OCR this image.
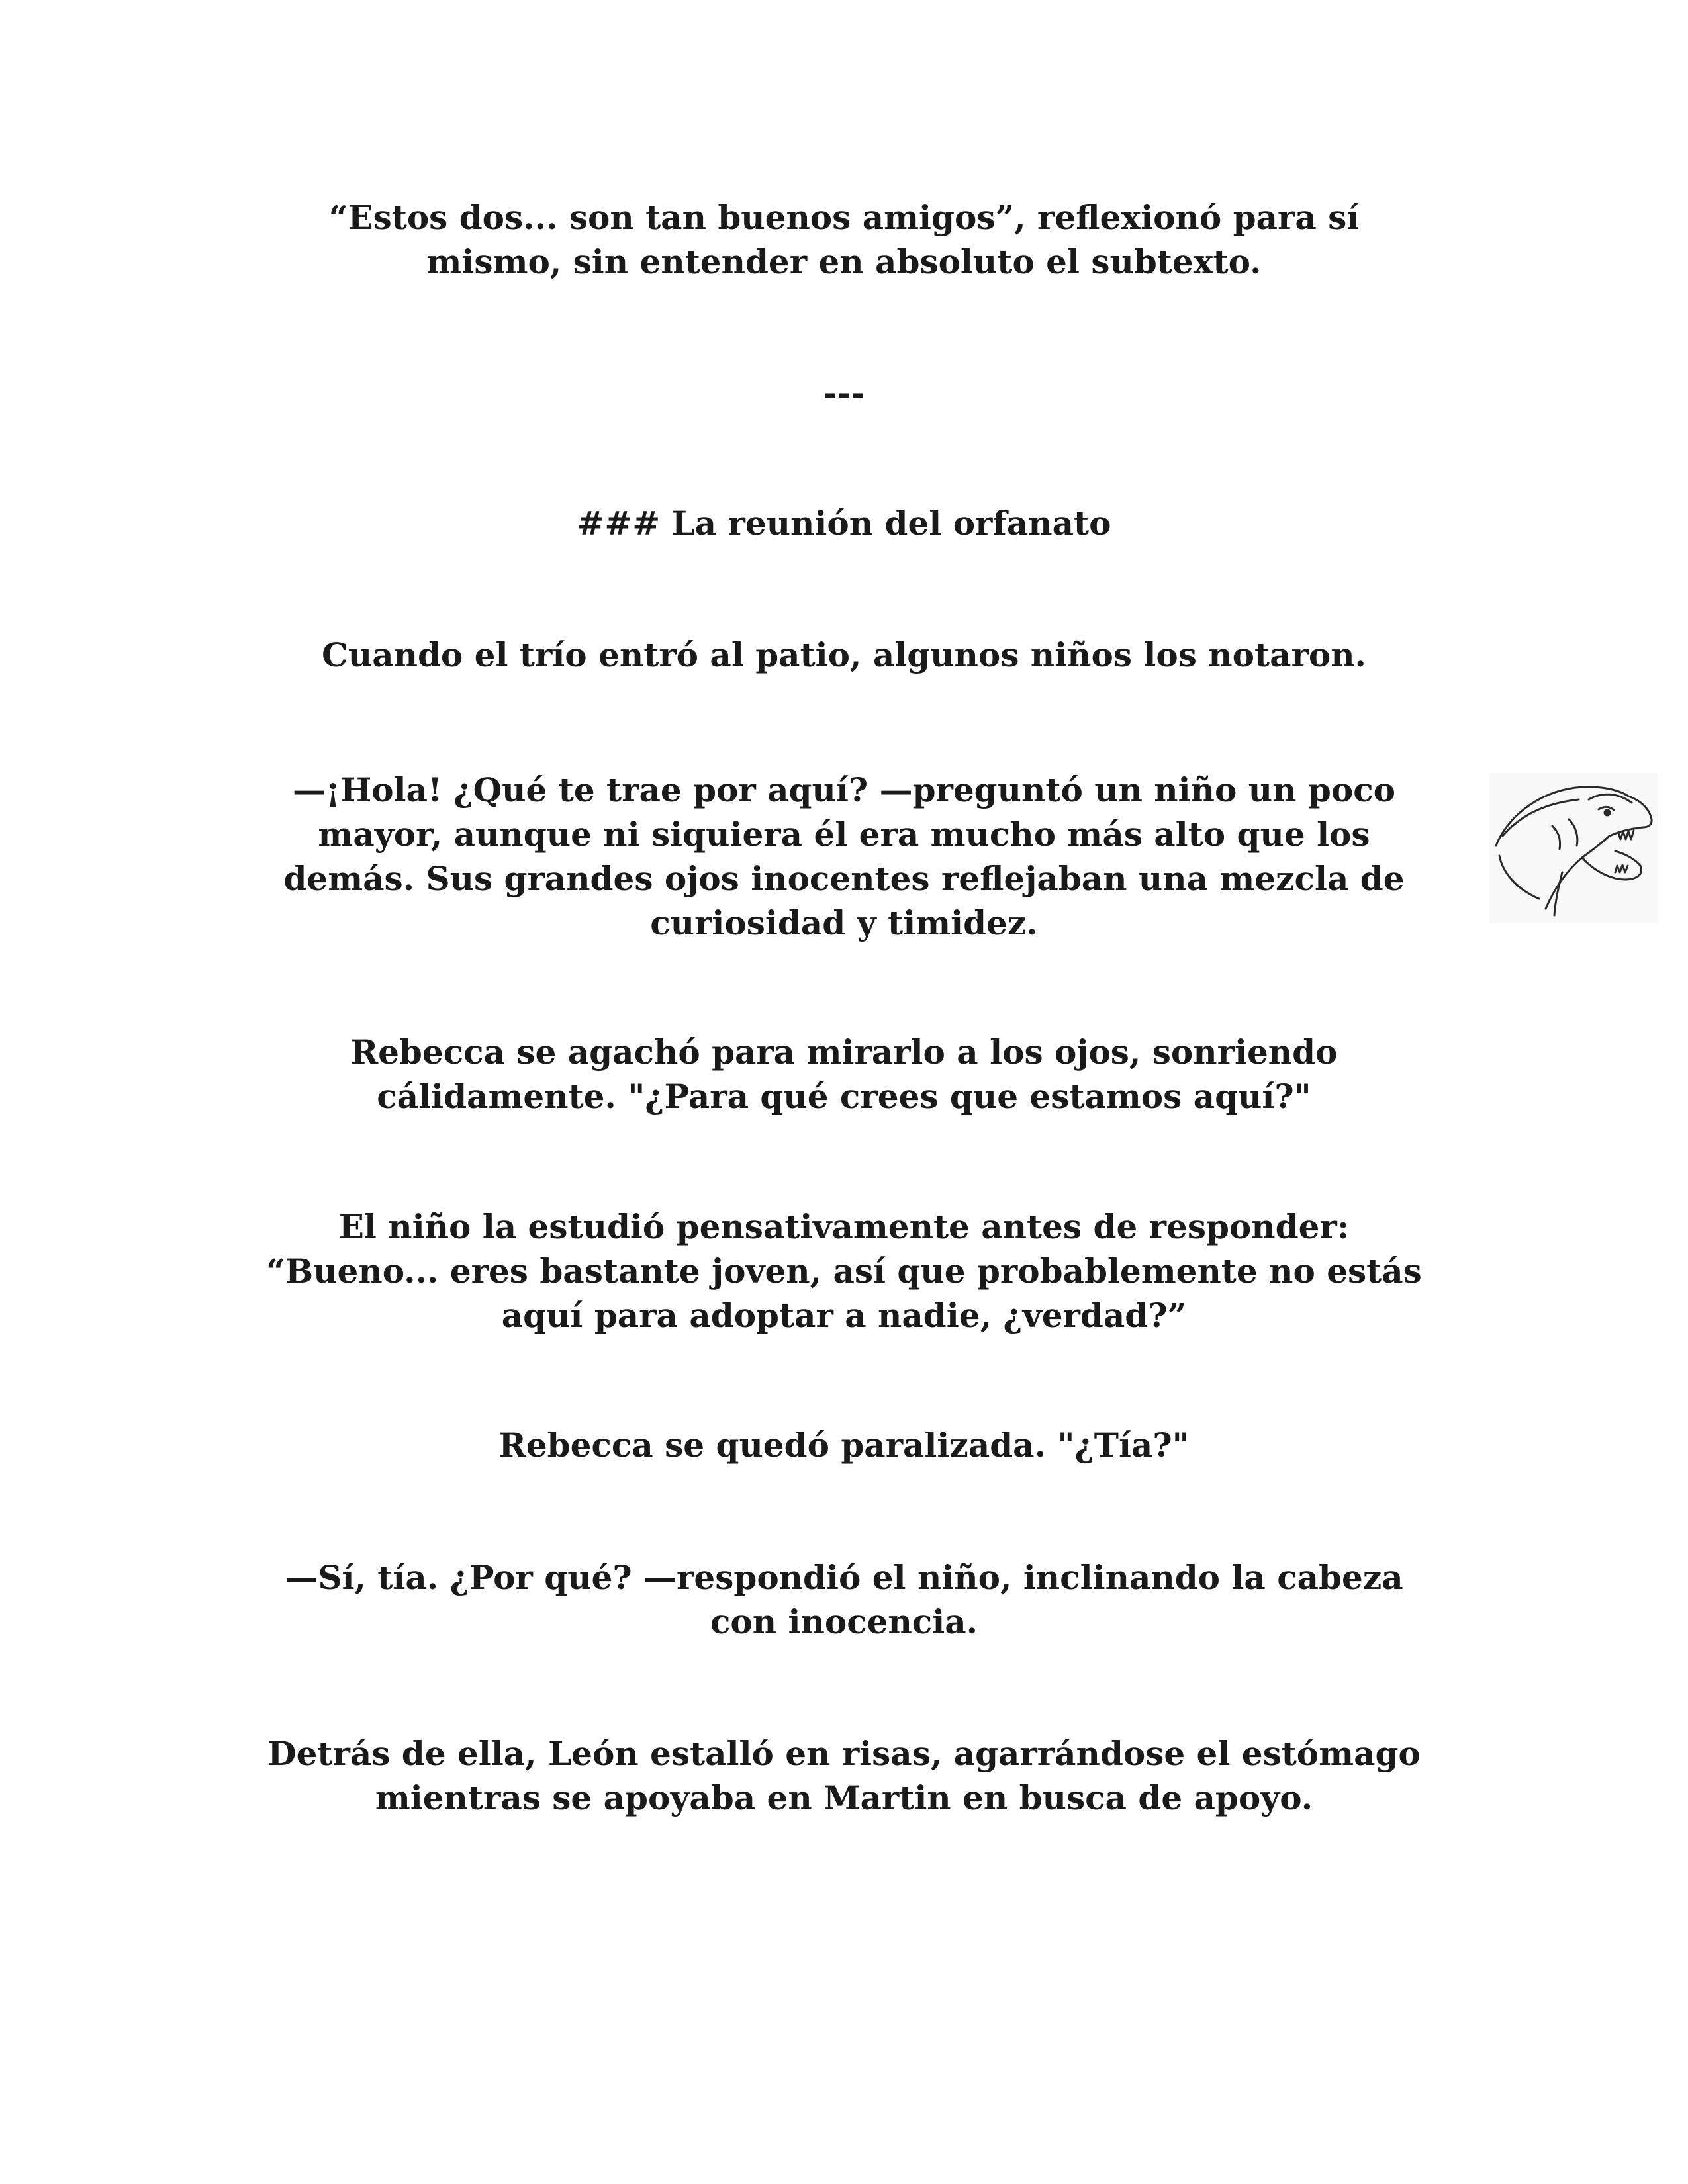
“Estos dos... son tan buenos amigos”, reflexionó para sí
mismo, sin entender en absoluto el subtexto.
---
### La reunión del orfanato
Cuando el trío entró al patio, algunos niños los notaron.
—¡Hola! ¿Qué te trae por aquí? —preguntó un niño un poco
mayor, aunque ni siquiera él era mucho más alto que los
demás. Sus grandes ojos inocentes reflejaban una mezcla de
curiosidad y timidez.
Rebecca se agachó para mirarlo a los ojos, sonriendo
cálidamente. "¿Para qué crees que estamos aquí?"
El niño la estudió pensativamente antes de responder:
“Bueno... eres bastante joven, así que probablemente no estás
aquí para adoptar a nadie, ¿verdad?”
Rebecca se quedó paralizada. "¿Tía?"
—Sí, tía. ¿Por qué? —respondió el niño, inclinando la cabeza
con inocencia.
Detrás de ella, León estalló en risas, agarrándose el estómago
mientras se apoyaba en Martin en busca de apoyo.
